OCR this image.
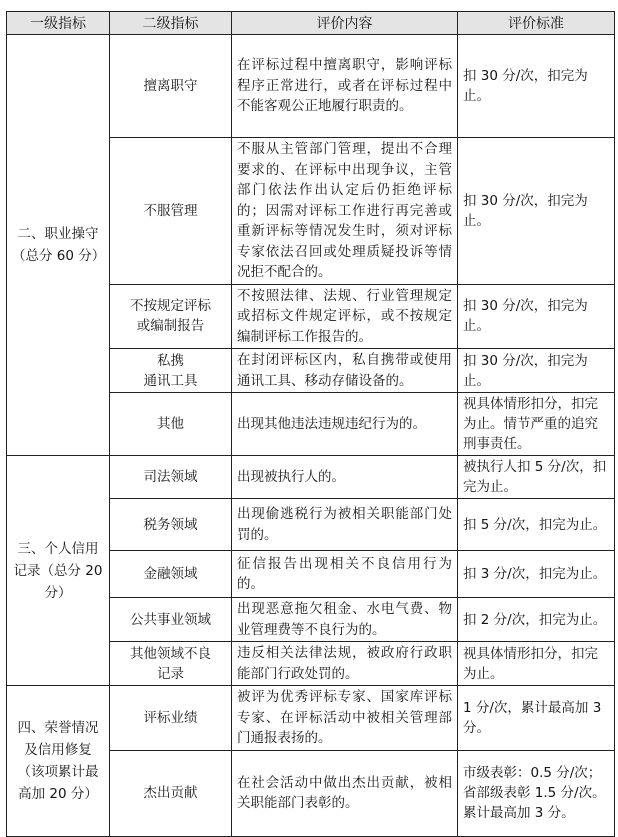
一级指标	二级指标	评价内容	评价标准

二、职业操守
（总分 60 分）	擅离职守	在评标过程中擅离职守，影响评标程序正常进行，或者在评标过程中不能客观公正地履行职责的。	扣 30 分/次，扣完为止。

	不服管理	不服从主管部门管理，提出不合理要求的、在评标中出现争议，主管部门依法作出认定后仍拒绝评标的；因需对评标工作进行再完善或重新评标等情况发生时，须对评标专家依法召回或处理质疑投诉等情况拒不配合的。	扣 30 分/次，扣完为止。

	不按规定评标
或编制报告	不按照法律、法规、行业管理规定或招标文件规定评标，或不按规定编制评标工作报告的。	扣 30 分/次，扣完为止。

	私携
通讯工具	在封闭评标区内，私自携带或使用通讯工具、移动存储设备的。	扣 30 分/次，扣完为止。

	其他	出现其他违法违规违纪行为的。	视具体情形扣分，扣完为止。情节严重的追究刑事责任。

三、个人信用
记录（总分 20
分）	司法领域	出现被执行人的。	被执行人扣 5 分/次，扣完为止。

	税务领域	出现偷逃税行为被相关职能部门处罚的。	扣 5 分/次，扣完为止。

	金融领域	征信报告出现相关不良信用行为的。	扣 3 分/次，扣完为止。

	公共事业领域	出现恶意拖欠租金、水电气费、物业管理费等不良行为的。	扣 2 分/次，扣完为止。

	其他领域不良
记录	违反相关法律法规，被政府行政职能部门行政处罚的。	视具体情形扣分，扣完为止。

四、荣誉情况
及信用修复
（该项累计最
高加 20 分）	评标业绩	被评为优秀评标专家、国家库评标专家、在评标活动中被相关管理部门通报表扬的。	1 分/次，累计最高加 3 分。

	杰出贡献	在社会活动中做出杰出贡献，被相关职能部门表彰的。	市级表彰：0.5 分/次；
省部级表彰 1.5 分/次。
累计最高加 3 分。
